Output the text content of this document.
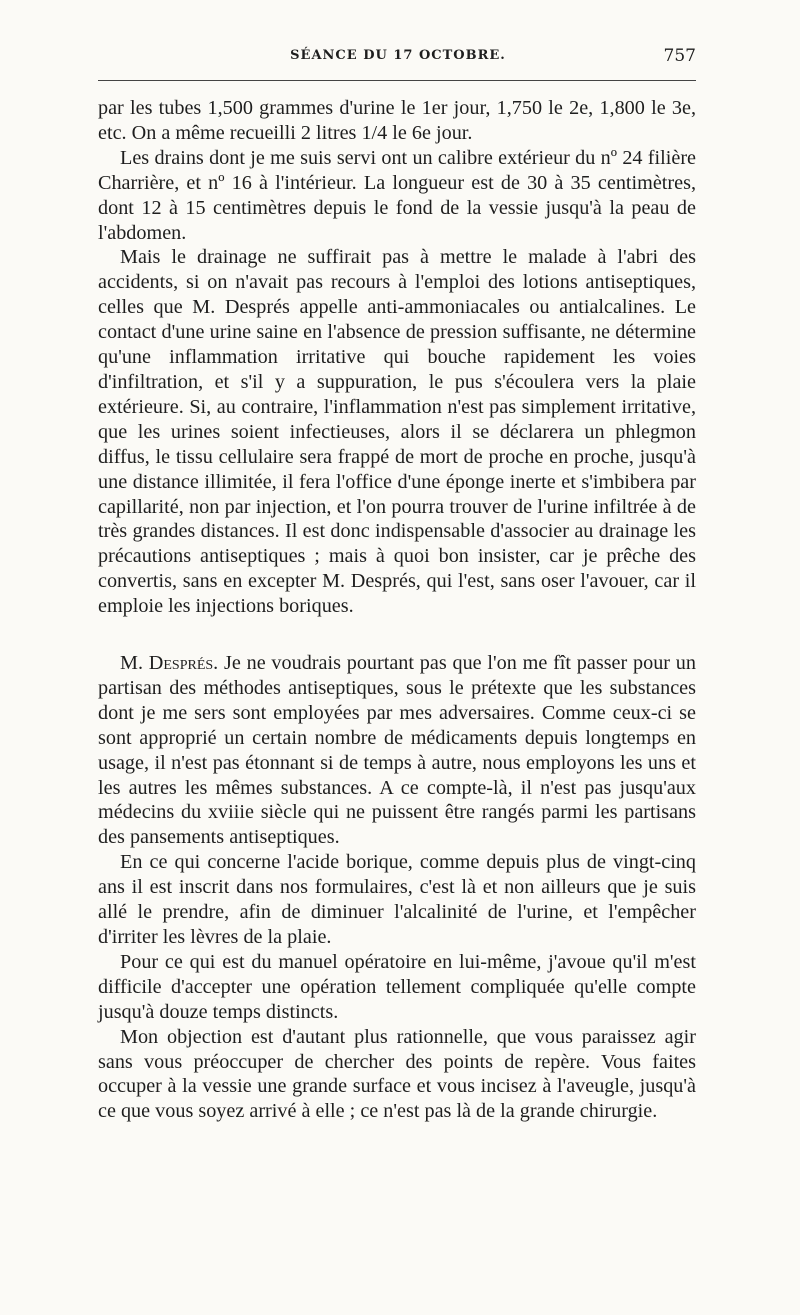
SÉANCE DU 17 OCTOBRE.	757

par les tubes 1,500 grammes d'urine le 1er jour, 1,750 le 2e, 1,800 le 3e, etc. On a même recueilli 2 litres 1/4 le 6e jour.

Les drains dont je me suis servi ont un calibre extérieur du nº 24 filière Charrière, et nº 16 à l'intérieur. La longueur est de 30 à 35 centimètres, dont 12 à 15 centimètres depuis le fond de la vessie jusqu'à la peau de l'abdomen.

Mais le drainage ne suffirait pas à mettre le malade à l'abri des accidents, si on n'avait pas recours à l'emploi des lotions antiseptiques, celles que M. Després appelle anti-ammoniacales ou antialcalines. Le contact d'une urine saine en l'absence de pression suffisante, ne détermine qu'une inflammation irritative qui bouche rapidement les voies d'infiltration, et s'il y a suppuration, le pus s'écoulera vers la plaie extérieure. Si, au contraire, l'inflammation n'est pas simplement irritative, que les urines soient infectieuses, alors il se déclarera un phlegmon diffus, le tissu cellulaire sera frappé de mort de proche en proche, jusqu'à une distance illimitée, il fera l'office d'une éponge inerte et s'imbibera par capillarité, non par injection, et l'on pourra trouver de l'urine infiltrée à de très grandes distances. Il est donc indispensable d'associer au drainage les précautions antiseptiques ; mais à quoi bon insister, car je prêche des convertis, sans en excepter M. Després, qui l'est, sans oser l'avouer, car il emploie les injections boriques.

M. Després. Je ne voudrais pourtant pas que l'on me fît passer pour un partisan des méthodes antiseptiques, sous le prétexte que les substances dont je me sers sont employées par mes adversaires. Comme ceux-ci se sont approprié un certain nombre de médicaments depuis longtemps en usage, il n'est pas étonnant si de temps à autre, nous employons les uns et les autres les mêmes substances. A ce compte-là, il n'est pas jusqu'aux médecins du xviiie siècle qui ne puissent être rangés parmi les partisans des pansements antiseptiques.

En ce qui concerne l'acide borique, comme depuis plus de vingt-cinq ans il est inscrit dans nos formulaires, c'est là et non ailleurs que je suis allé le prendre, afin de diminuer l'alcalinité de l'urine, et l'empêcher d'irriter les lèvres de la plaie.

Pour ce qui est du manuel opératoire en lui-même, j'avoue qu'il m'est difficile d'accepter une opération tellement compliquée qu'elle compte jusqu'à douze temps distincts.

Mon objection est d'autant plus rationnelle, que vous paraissez agir sans vous préoccuper de chercher des points de repère. Vous faites occuper à la vessie une grande surface et vous incisez à l'aveugle, jusqu'à ce que vous soyez arrivé à elle ; ce n'est pas là de la grande chirurgie.
